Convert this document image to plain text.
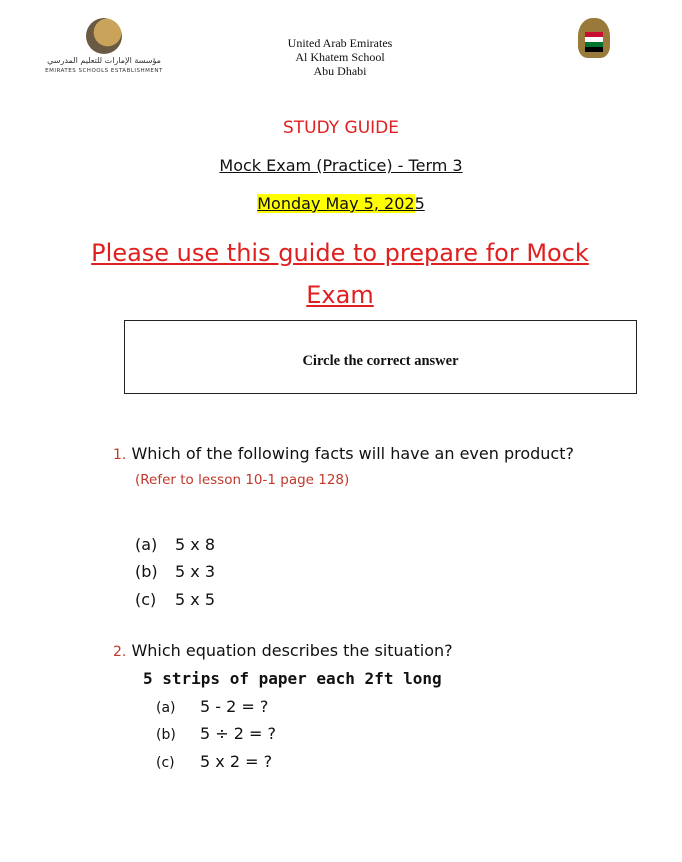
مؤسسة الإمارات للتعليم المدرسي
EMIRATES SCHOOLS ESTABLISHMENT
United Arab Emirates
Al Khatem School
Abu Dhabi
STUDY GUIDE
Mock Exam (Practice) - Term 3
Monday May 5, 2025
Please use this guide to prepare for Mock Exam
Circle the correct answer
1. Which of the following facts will have an even product?
(Refer to lesson 10-1 page 128)
(a) 5 x 8
(b) 5 x 3
(c) 5 x 5
2. Which equation describes the situation?
5 strips of paper each 2ft long
(a) 5 - 2 = ?
(b) 5 ÷ 2 = ?
(c) 5 x 2 = ?
